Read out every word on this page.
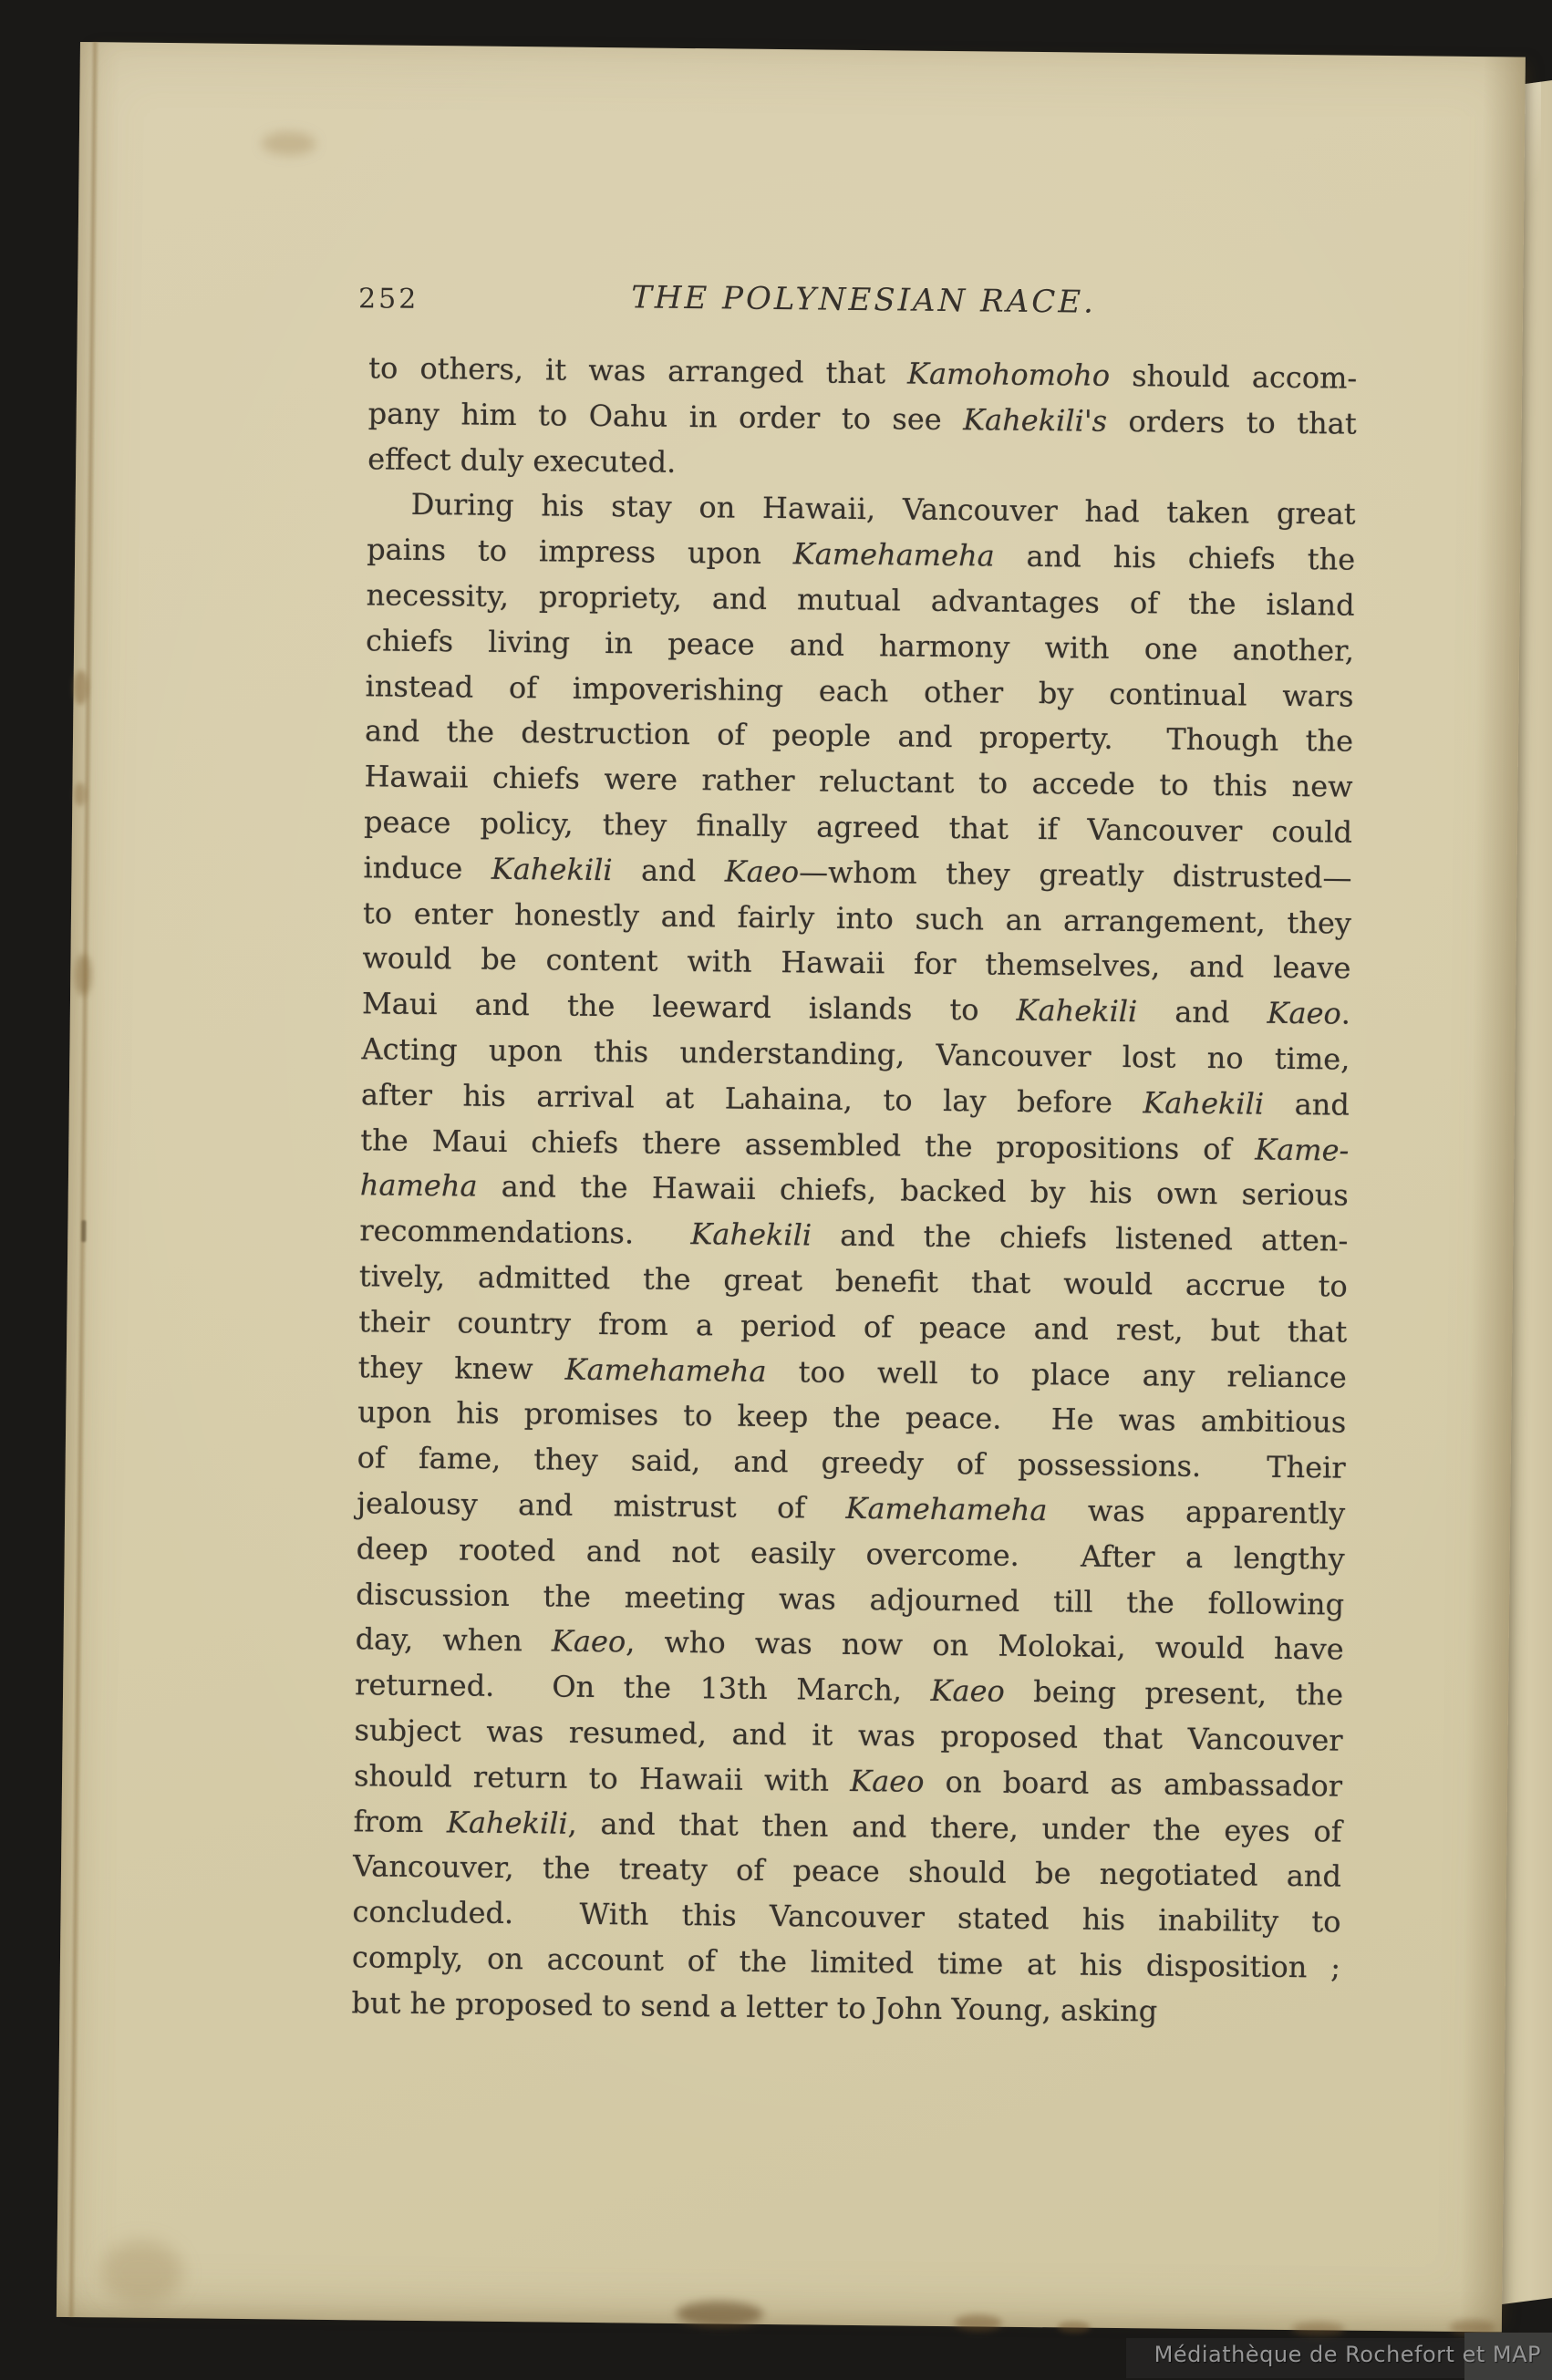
252	THE POLYNESIAN RACE.
to others, it was arranged that Kamohomoho should accom-
pany him to Oahu in order to see Kahekili's orders to that
effect duly executed.
During his stay on Hawaii, Vancouver had taken great
pains to impress upon Kamehameha and his chiefs the
necessity, propriety, and mutual advantages of the island
chiefs living in peace and harmony with one another,
instead of impoverishing each other by continual wars
and the destruction of people and property.  Though the
Hawaii chiefs were rather reluctant to accede to this new
peace policy, they finally agreed that if Vancouver could
induce Kahekili and Kaeo—whom they greatly distrusted—
to enter honestly and fairly into such an arrangement, they
would be content with Hawaii for themselves, and leave
Maui and the leeward islands to Kahekili and Kaeo.
Acting upon this understanding, Vancouver lost no time,
after his arrival at Lahaina, to lay before Kahekili and
the Maui chiefs there assembled the propositions of Kame-
hameha and the Hawaii chiefs, backed by his own serious
recommendations.  Kahekili and the chiefs listened atten-
tively, admitted the great benefit that would accrue to
their country from a period of peace and rest, but that
they knew Kamehameha too well to place any reliance
upon his promises to keep the peace.  He was ambitious
of fame, they said, and greedy of possessions.  Their
jealousy and mistrust of Kamehameha was apparently
deep rooted and not easily overcome.  After a lengthy
discussion the meeting was adjourned till the following
day, when Kaeo, who was now on Molokai, would have
returned.  On the 13th March, Kaeo being present, the
subject was resumed, and it was proposed that Vancouver
should return to Hawaii with Kaeo on board as ambassador
from Kahekili, and that then and there, under the eyes of
Vancouver, the treaty of peace should be negotiated and
concluded.  With this Vancouver stated his inability to
comply, on account of the limited time at his disposition ;
but he proposed to send a letter to John Young, asking
Médiathèque de Rochefort et MAP
